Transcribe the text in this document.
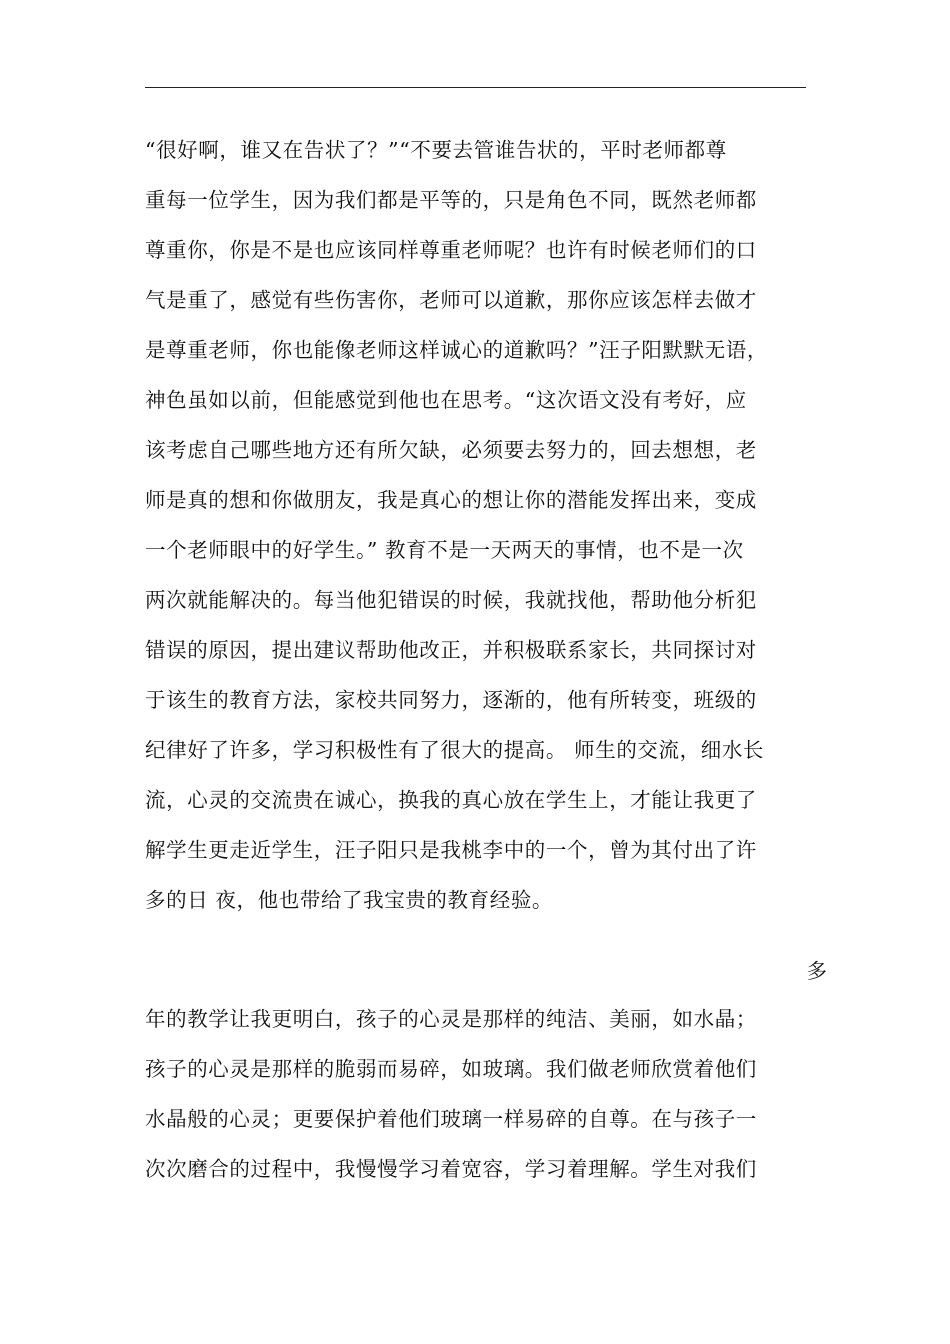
“很好啊，谁又在告状了？”“不要去管谁告状的，平时老师都尊
重每一位学生，因为我们都是平等的，只是角色不同，既然老师都
尊重你，你是不是也应该同样尊重老师呢？也许有时候老师们的口
气是重了，感觉有些伤害你，老师可以道歉，那你应该怎样去做才
是尊重老师，你也能像老师这样诚心的道歉吗？”汪子阳默默无语，
神色虽如以前，但能感觉到他也在思考。“这次语文没有考好，应
该考虑自己哪些地方还有所欠缺，必须要去努力的，回去想想，老
师是真的想和你做朋友，我是真心的想让你的潜能发挥出来，变成
一个老师眼中的好学生。” 教育不是一天两天的事情，也不是一次
两次就能解决的。每当他犯错误的时候，我就找他，帮助他分析犯
错误的原因，提出建议帮助他改正，并积极联系家长，共同探讨对
于该生的教育方法，家校共同努力，逐渐的，他有所转变，班级的
纪律好了许多，学习积极性有了很大的提高。 师生的交流，细水长
流，心灵的交流贵在诚心，换我的真心放在学生上，才能让我更了
解学生更走近学生，汪子阳只是我桃李中的一个，曾为其付出了许
多的日 夜，他也带给了我宝贵的教育经验。
多
年的教学让我更明白，孩子的心灵是那样的纯洁、美丽，如水晶；
孩子的心灵是那样的脆弱而易碎，如玻璃。我们做老师欣赏着他们
水晶般的心灵；更要保护着他们玻璃一样易碎的自尊。在与孩子一
次次磨合的过程中，我慢慢学习着宽容，学习着理解。学生对我们
